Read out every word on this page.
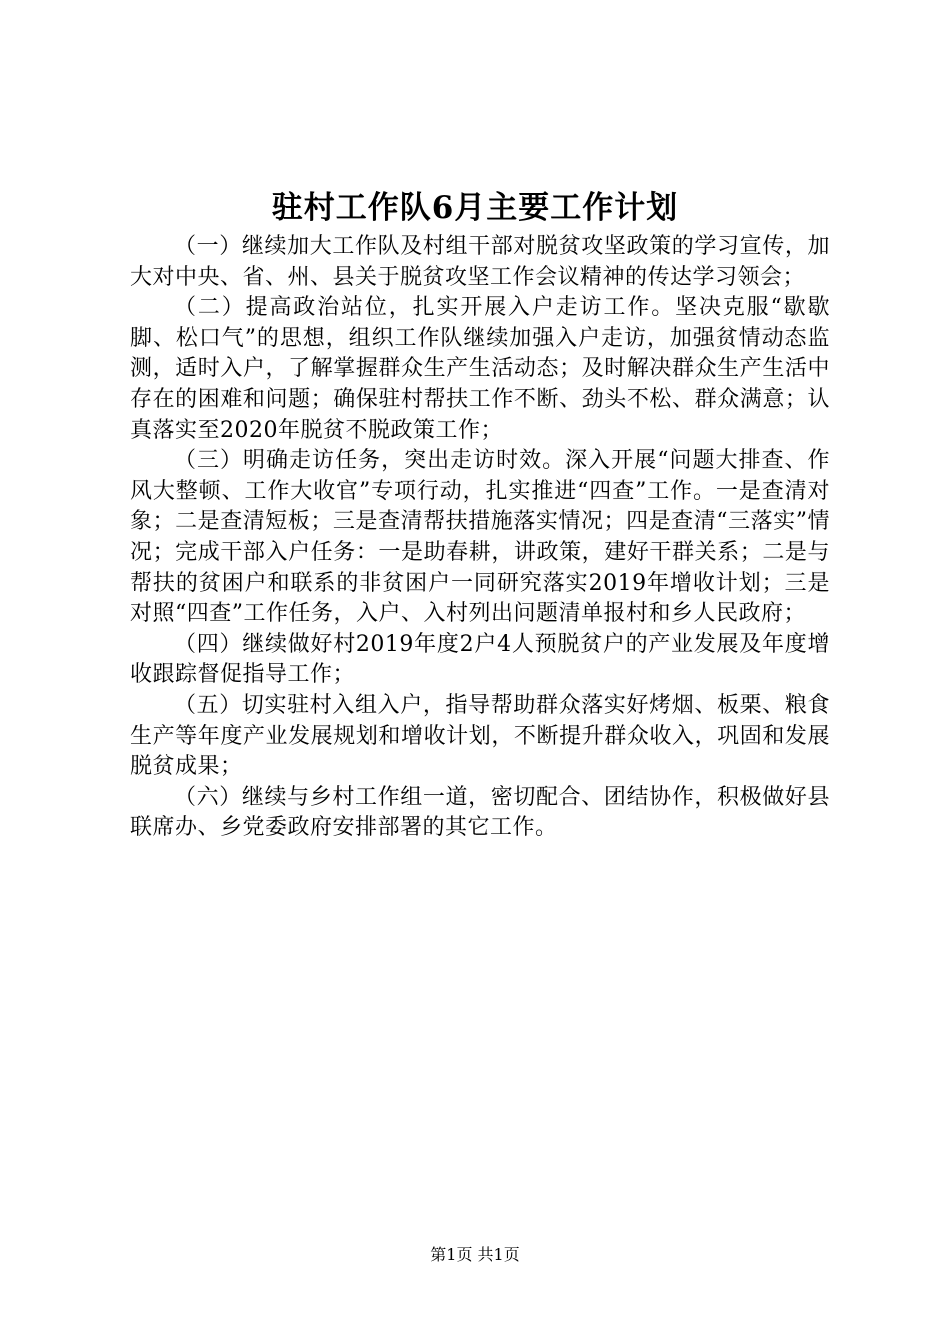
驻村工作队6月主要工作计划

（一）继续加大工作队及村组干部对脱贫攻坚政策的学习宣传，加大对中央、省、州、县关于脱贫攻坚工作会议精神的传达学习领会；

（二）提高政治站位，扎实开展入户走访工作。坚决克服“歇歇脚、松口气”的思想，组织工作队继续加强入户走访，加强贫情动态监测，适时入户，了解掌握群众生产生活动态；及时解决群众生产生活中存在的困难和问题；确保驻村帮扶工作不断、劲头不松、群众满意；认真落实至2020年脱贫不脱政策工作；

（三）明确走访任务，突出走访时效。深入开展“问题大排查、作风大整顿、工作大收官”专项行动，扎实推进“四查”工作。一是查清对象；二是查清短板；三是查清帮扶措施落实情况；四是查清“三落实”情况；完成干部入户任务：一是助春耕，讲政策，建好干群关系；二是与帮扶的贫困户和联系的非贫困户一同研究落实2019年增收计划；三是对照“四查”工作任务，入户、入村列出问题清单报村和乡人民政府；

（四）继续做好村2019年度2户4人预脱贫户的产业发展及年度增收跟踪督促指导工作；

（五）切实驻村入组入户，指导帮助群众落实好烤烟、板栗、粮食生产等年度产业发展规划和增收计划，不断提升群众收入，巩固和发展脱贫成果；

（六）继续与乡村工作组一道，密切配合、团结协作，积极做好县联席办、乡党委政府安排部署的其它工作。

第1页 共1页
